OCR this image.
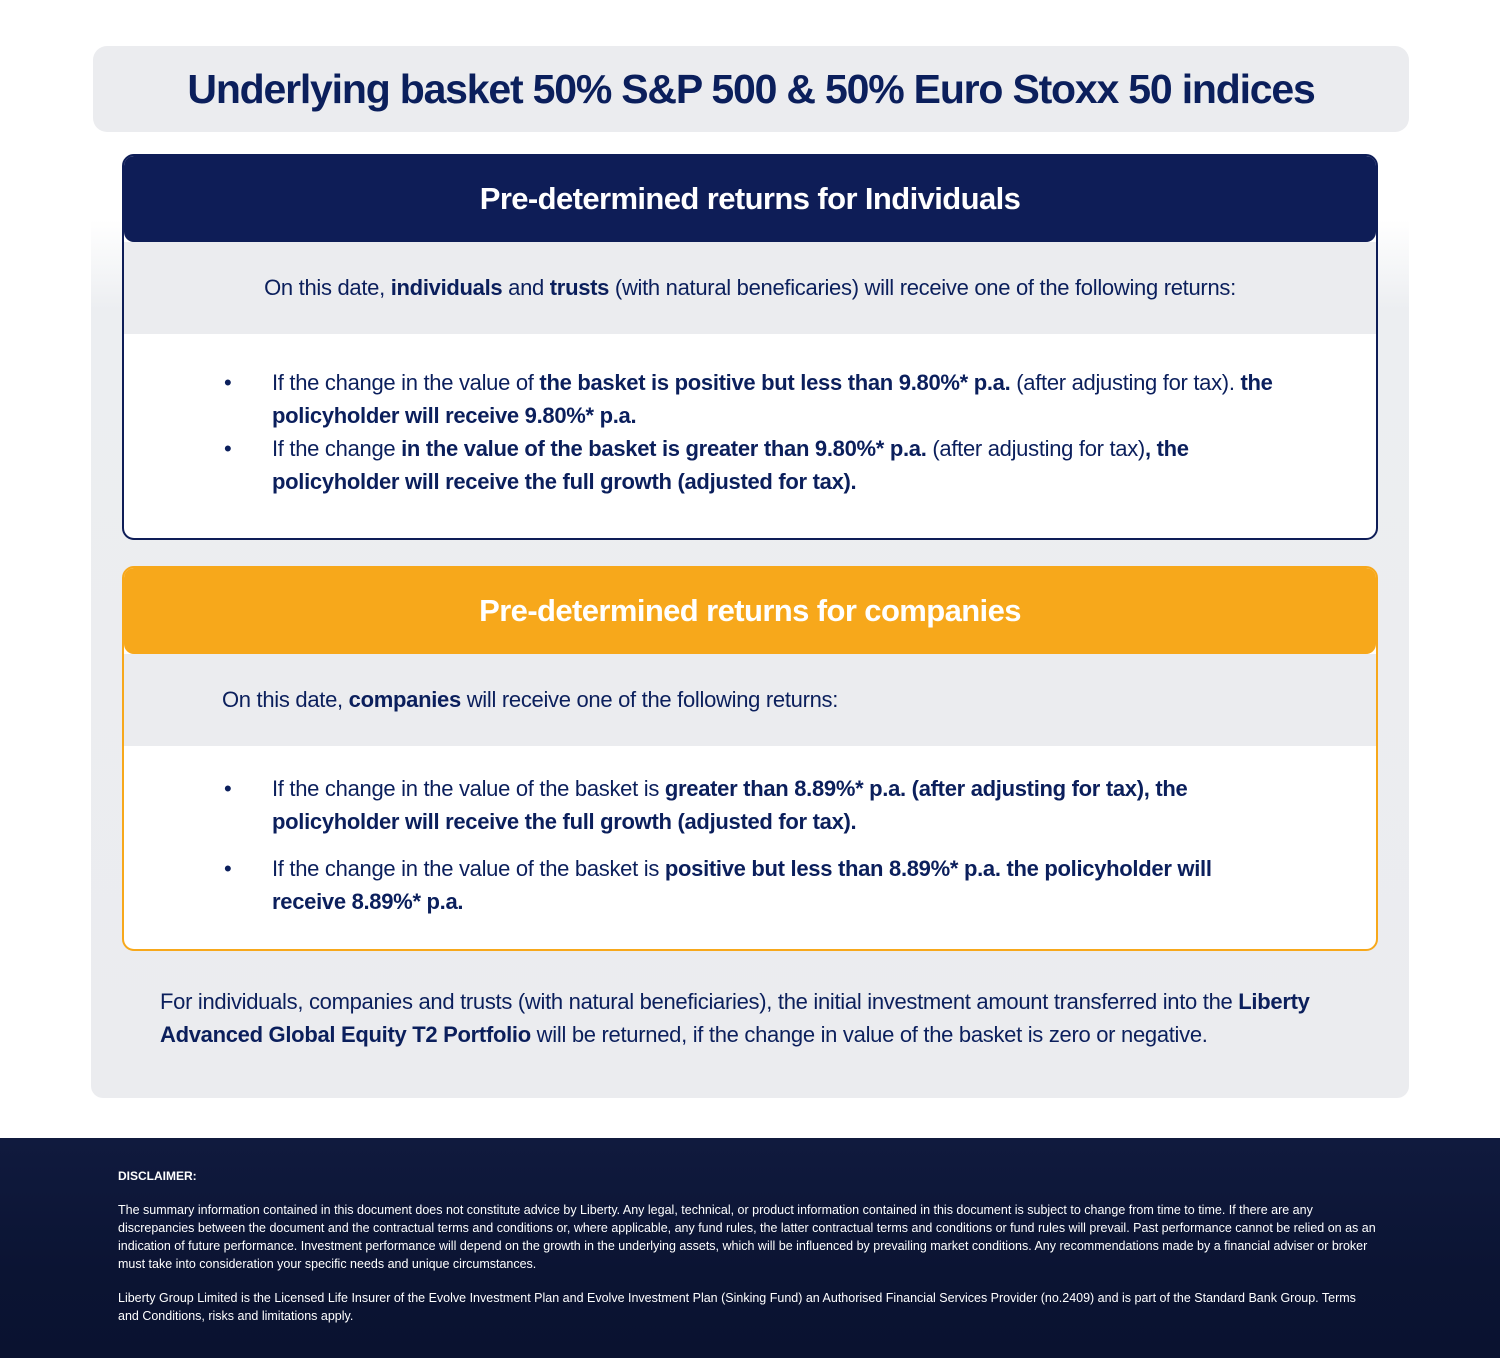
Underlying basket 50% S&P 500 & 50% Euro Stoxx 50 indices
Pre-determined returns for Individuals
On this date,
individuals and trusts (with natural beneficaries) will receive one of the following returns:
• If the change in the value of the basket is positive but less than 9.80%* p.a. (after adjusting for tax). the policyholder will receive 9.80%* p.a.
• If the change in the value of the basket is greater than 9.80%* p.a. (after adjusting for tax), the policyholder will receive the full growth (adjusted for tax).
Pre-determined returns for companies
On this date,
companies will receive one of the following returns:
• If the change in the value of the basket is greater than 8.89%* p.a. (after adjusting for tax), the policyholder will receive the full growth (adjusted for tax).
• If the change in the value of the basket is positive but less than 8.89%* p.a. the policyholder will receive 8.89%* p.a.
For individuals, companies and trusts (with natural beneficiaries), the initial investment amount transferred into the Liberty Advanced Global Equity T2 Portfolio will be returned, if the change in value of the basket is zero or negative.
DISCLAIMER:

The summary information contained in this document does not constitute advice by Liberty. Any legal, technical, or product information contained in this document is subject to change from time to time. If there are any discrepancies between the document and the contractual terms and conditions or, where applicable, any fund rules, the latter contractual terms and conditions or fund rules will prevail. Past performance cannot be relied on as an indication of future performance. Investment performance will depend on the growth in the underlying assets, which will be influenced by prevailing market conditions. Any recommendations made by a financial adviser or broker must take into consideration your specific needs and unique circumstances.

Liberty Group Limited is the Licensed Life Insurer of the Evolve Investment Plan and Evolve Investment Plan (Sinking Fund) an Authorised Financial Services Provider (no.2409) and is part of the Standard Bank Group. Terms and Conditions, risks and limitations apply.
